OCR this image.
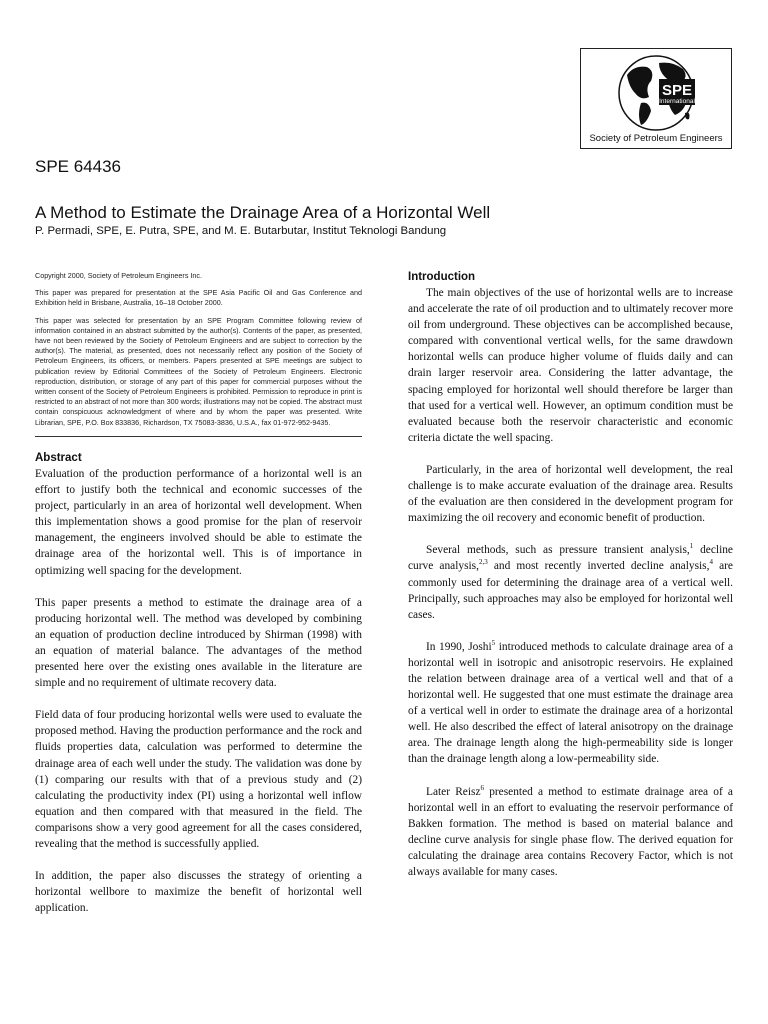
SPE
International
Society of Petroleum Engineers
SPE 64436
A Method to Estimate the Drainage Area of a Horizontal Well
P. Permadi, SPE, E. Putra, SPE, and M. E. Butarbutar, Institut Teknologi Bandung

Copyright 2000, Society of Petroleum Engineers Inc.

This paper was prepared for presentation at the SPE Asia Pacific Oil and Gas Conference and Exhibition held in Brisbane, Australia, 16–18 October 2000.

This paper was selected for presentation by an SPE Program Committee following review of information contained in an abstract submitted by the author(s). Contents of the paper, as presented, have not been reviewed by the Society of Petroleum Engineers and are subject to correction by the author(s). The material, as presented, does not necessarily reflect any position of the Society of Petroleum Engineers, its officers, or members. Papers presented at SPE meetings are subject to publication review by Editorial Committees of the Society of Petroleum Engineers. Electronic reproduction, distribution, or storage of any part of this paper for commercial purposes without the written consent of the Society of Petroleum Engineers is prohibited. Permission to reproduce in print is restricted to an abstract of not more than 300 words; illustrations may not be copied. The abstract must contain conspicuous acknowledgment of where and by whom the paper was presented. Write Librarian, SPE, P.O. Box 833836, Richardson, TX 75083-3836, U.S.A., fax 01-972-952-9435.

Abstract

Evaluation of the production performance of a horizontal well is an effort to justify both the technical and economic successes of the project, particularly in an area of horizontal well development. When this implementation shows a good promise for the plan of reservoir management, the engineers involved should be able to estimate the drainage area of the horizontal well. This is of importance in optimizing well spacing for the development.

This paper presents a method to estimate the drainage area of a producing horizontal well. The method was developed by combining an equation of production decline introduced by Shirman (1998) with an equation of material balance. The advantages of the method presented here over the existing ones available in the literature are simple and no requirement of ultimate recovery data.

Field data of four producing horizontal wells were used to evaluate the proposed method. Having the production performance and the rock and fluids properties data, calculation was performed to determine the drainage area of each well under the study. The validation was done by (1) comparing our results with that of a previous study and (2) calculating the productivity index (PI) using a horizontal well inflow equation and then compared with that measured in the field. The comparisons show a very good agreement for all the cases considered, revealing that the method is successfully applied.

In addition, the paper also discusses the strategy of orienting a horizontal wellbore to maximize the benefit of horizontal well application.

Introduction

The main objectives of the use of horizontal wells are to increase and accelerate the rate of oil production and to ultimately recover more oil from underground. These objectives can be accomplished because, compared with conventional vertical wells, for the same drawdown horizontal wells can produce higher volume of fluids daily and can drain larger reservoir area. Considering the latter advantage, the spacing employed for horizontal well should therefore be larger than that used for a vertical well. However, an optimum condition must be evaluated because both the reservoir characteristic and economic criteria dictate the well spacing.

Particularly, in the area of horizontal well development, the real challenge is to make accurate evaluation of the drainage area. Results of the evaluation are then considered in the development program for maximizing the oil recovery and economic benefit of production.

Several methods, such as pressure transient analysis,$^1$ decline curve analysis,$^{2,3}$ and most recently inverted decline analysis,$^4$ are commonly used for determining the drainage area of a vertical well. Principally, such approaches may also be employed for horizontal well cases.

In 1990, Joshi$^5$ introduced methods to calculate drainage area of a horizontal well in isotropic and anisotropic reservoirs. He explained the relation between drainage area of a vertical well and that of a horizontal well. He suggested that one must estimate the drainage area of a vertical well in order to estimate the drainage area of a horizontal well. He also described the effect of lateral anisotropy on the drainage area. The drainage length along the high-permeability side is longer than the drainage length along a low-permeability side.

Later Reisz$^6$ presented a method to estimate drainage area of a horizontal well in an effort to evaluating the reservoir performance of Bakken formation. The method is based on material balance and decline curve analysis for single phase flow. The derived equation for calculating the drainage area contains Recovery Factor, which is not always available for many cases.
